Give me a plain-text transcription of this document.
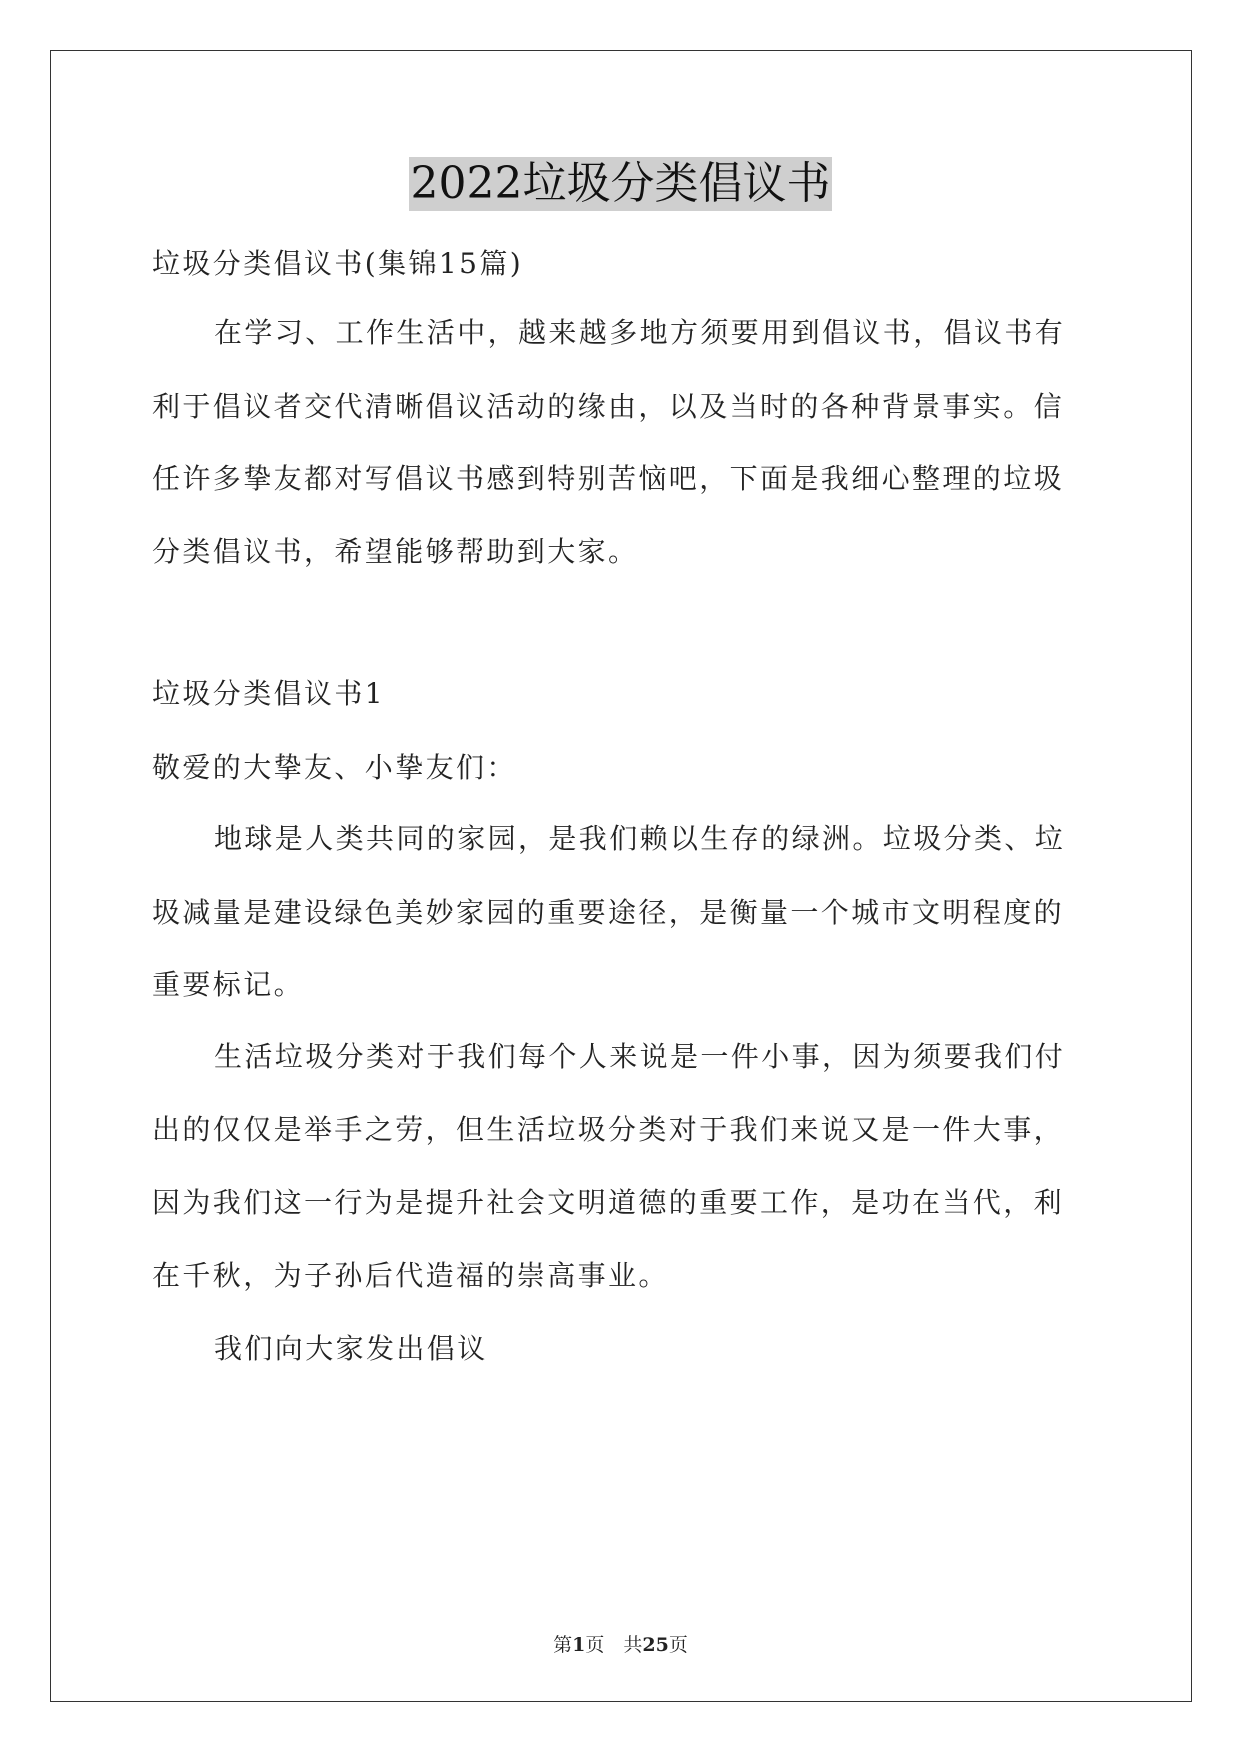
2022垃圾分类倡议书
垃圾分类倡议书(集锦15篇)
在学习、工作生活中，越来越多地方须要用到倡议书，倡议书有
利于倡议者交代清晰倡议活动的缘由，以及当时的各种背景事实。信
任许多挚友都对写倡议书感到特别苦恼吧，下面是我细心整理的垃圾
分类倡议书，希望能够帮助到大家。
垃圾分类倡议书1
敬爱的大挚友、小挚友们：
地球是人类共同的家园，是我们赖以生存的绿洲。垃圾分类、垃
圾减量是建设绿色美妙家园的重要途径，是衡量一个城市文明程度的
重要标记。
生活垃圾分类对于我们每个人来说是一件小事，因为须要我们付
出的仅仅是举手之劳，但生活垃圾分类对于我们来说又是一件大事，
因为我们这一行为是提升社会文明道德的重要工作，是功在当代，利
在千秋，为子孙后代造福的崇高事业。
我们向大家发出倡议
第1页　共25页
